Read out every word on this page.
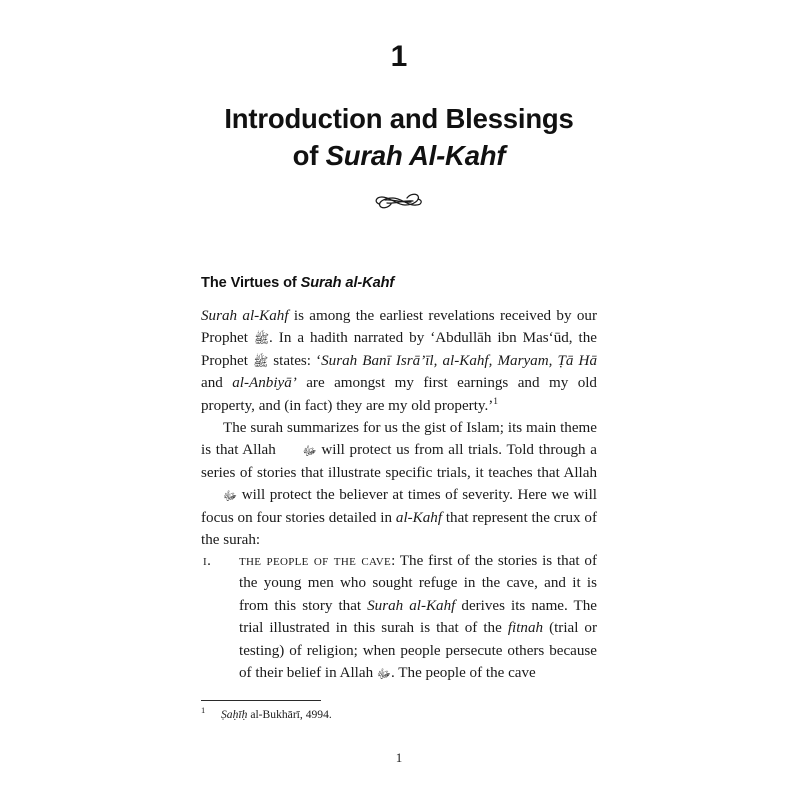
1
Introduction and Blessings
of Surah Al-Kahf
The Virtues of Surah al-Kahf

Surah al-Kahf is among the earliest revelations received by our Prophet ﷺ. In a hadith narrated by ‘Abdullāh ibn Mas‘ūd, the Prophet ﷺ states: ‘Surah Banī Isrā’īl, al-Kahf, Maryam, Ṭā Hā and al-Anbiyā’ are amongst my first earnings and my old property, and (in fact) they are my old property.’$^1$

The surah summarizes for us the gist of Islam; its main theme is that Allah ﷻ will protect us from all trials. Told through a series of stories that illustrate specific trials, it teaches that Allah ﷻ will protect the believer at times of severity. Here we will focus on four stories detailed in al-Kahf that represent the crux of the surah:

i. the people of the cave: The first of the stories is that of the young men who sought refuge in the cave, and it is from this story that Surah al-Kahf derives its name. The trial illustrated in this surah is that of the fitnah (trial or testing) of religion; when people persecute others because of their belief in Allah ﷻ. The people of the cave
1 Ṣaḥīḥ al-Bukhārī, 4994.
1
